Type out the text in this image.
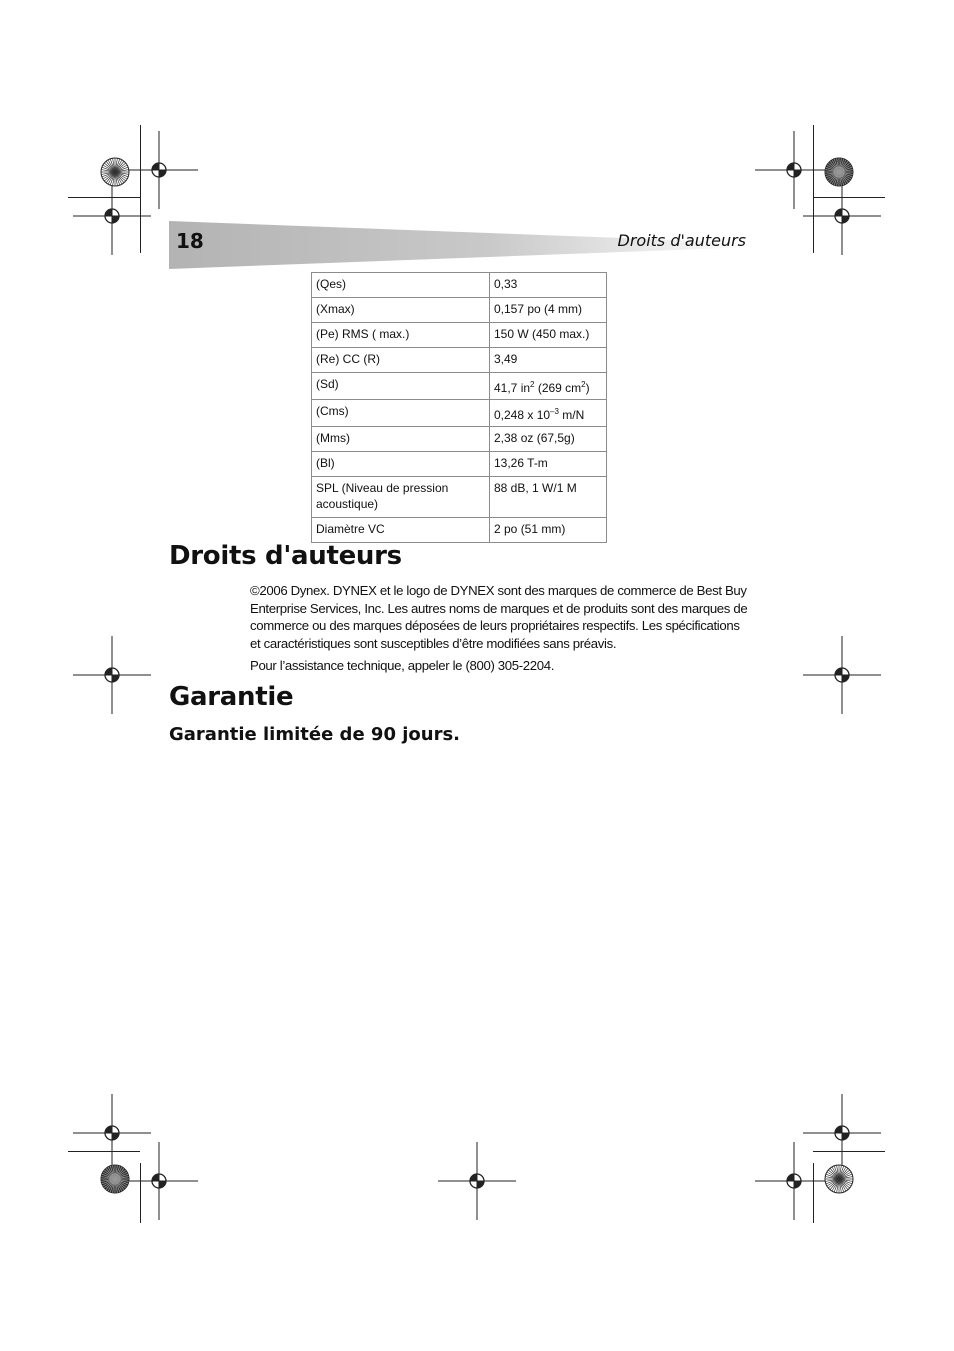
18	Droits d'auteurs
(Qes)	0,33
(Xmax)	0,157 po (4 mm)
(Pe) RMS ( max.)	150 W (450 max.)
(Re) CC (R)	3,49
(Sd)	41,7 $in^2$ (269 $cm^2$)
(Cms)	0,248 x $10^{-3}$ m/N
(Mms)	2,38 oz (67,5g)
(Bl)	13,26 T-m
SPL (Niveau de pression acoustique)	88 dB, 1 W/1 M
Diamètre VC	2 po (51 mm)
Droits d'auteurs
©2006 Dynex. DYNEX et le logo de DYNEX sont des marques de commerce de Best Buy Enterprise Services, Inc. Les autres noms de marques et de produits sont des marques de commerce ou des marques déposées de leurs propriétaires respectifs. Les spécifications et caractéristiques sont susceptibles d’être modifiées sans préavis.
Pour l’assistance technique, appeler le (800) 305-2204.
Garantie
Garantie limitée de 90 jours.
